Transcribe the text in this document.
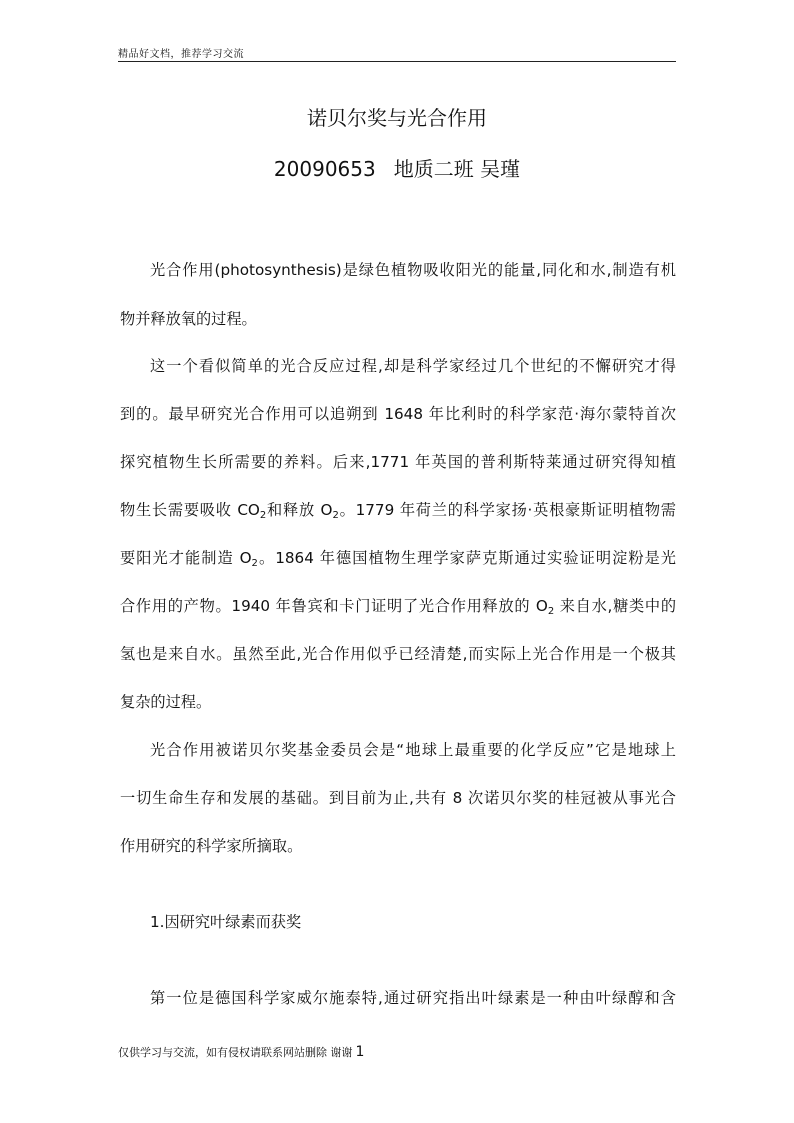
精品好文档，推荐学习交流
诺贝尔奖与光合作用
20090653 地质二班 吴瑾
光合作用(photosynthesis)是绿色植物吸收阳光的能量,同化和水,制造有机
物并释放氧的过程。
这一个看似简单的光合反应过程,却是科学家经过几个世纪的不懈研究才得
到的。最早研究光合作用可以追朔到 1648 年比利时的科学家范·海尔蒙特首次
探究植物生长所需要的养料。后来,1771 年英国的普利斯特莱通过研究得知植
物生长需要吸收 $CO_2$和释放 $O_2$。1779 年荷兰的科学家扬·英根豪斯证明植物需
要阳光才能制造 $O_2$。1864 年德国植物生理学家萨克斯通过实验证明淀粉是光
合作用的产物。1940 年鲁宾和卡门证明了光合作用释放的 $O_2$ 来自水,糖类中的
氢也是来自水。虽然至此,光合作用似乎已经清楚,而实际上光合作用是一个极其
复杂的过程。
光合作用被诺贝尔奖基金委员会是“地球上最重要的化学反应”它是地球上
一切生命生存和发展的基础。到目前为止,共有 8 次诺贝尔奖的桂冠被从事光合
作用研究的科学家所摘取。
1.因研究叶绿素而获奖
第一位是德国科学家威尔施泰特,通过研究指出叶绿素是一种由叶绿醇和含
仅供学习与交流，如有侵权请联系网站删除 谢谢 1
